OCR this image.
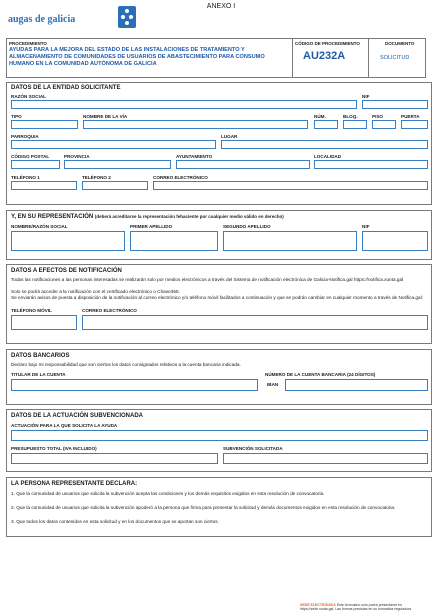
ANEXO I
augas de galicia
PROCEDIMIENTO
AYUDAS PARA LA MEJORA DEL ESTADO DE LAS INSTALACIONES DE TRATAMIENTO Y ALMACENAMIENTO DE COMUNIDADES DE USUARIOS DE ABASTECIMIENTO PARA CONSUMO HUMANO EN LA COMUNIDAD AUTÓNOMA DE GALICIA
CÓDIGO DE PROCEDIMIENTO
AU232A
DOCUMENTO
SOLICITUD
DATOS DE LA ENTIDAD SOLICITANTE
RAZÓN SOCIAL	NIF
TIPO	NOMBRE DE LA VÍA	NÚM.	BLOQ.	PISO	PUERTA
PARROQUIA	LUGAR
CÓDIGO POSTAL	PROVINCIA	AYUNTAMIENTO	LOCALIDAD
TELÉFONO 1	TELÉFONO 2	CORREO ELECTRÓNICO
Y, EN SU REPRESENTACIÓN (deberá acreditarse la representación fehaciente por cualquier medio válido en derecho)
NOMBRE/RAZÓN SOCIAL	PRIMER APELLIDO	SEGUNDO APELLIDO	NIF
DATOS A EFECTOS DE NOTIFICACIÓN
Todas las notificaciones a las personas interesadas se realizarán solo por medios electrónicos a través del Sistema de notificación electrónica de Galicia-Notifica.gal https://notifica.xunta.gal
Solo se podrá acceder a la notificación con el certificado electrónico o Chave365.
Se enviarán avisos de puesta a disposición de la notificación al correo electrónico y/o teléfono móvil facilitados a continuación y que se podrán cambiar en cualquier momento a través de Notifica.gal:
TELÉFONO MÓVIL	CORREO ELECTRÓNICO
DATOS BANCARIOS
Declaro bajo mi responsabilidad que son ciertos los datos consignados relativos a la cuenta bancaria indicada.
TITULAR DE LA CUENTA	NÚMERO DE LA CUENTA BANCARIA (24 DÍGITOS)
IBAN
DATOS DE LA ACTUACIÓN SUBVENCIONADA
ACTUACIÓN PARA LA QUE SOLICITA LA AYUDA
PRESUPUESTO TOTAL (IVA INCLUIDO)	SUBVENCIÓN SOLICITADA
LA PERSONA REPRESENTANTE DECLARA:
1. Que la comunidad de usuarios que solicita la subvención acepta las condiciones y los demás requisitos exigidos en esta resolución de convocatoria.
2. Que la comunidad de usuarios que solicita la subvención apoderó a la persona que firma para presentar la solicitud y demás documentos exigidos en esta resolución de convocatoria.
3. Que todos los datos contenidos en esta solicitud y en los documentos que se aportan son ciertos.
SEDE ELECTRÓNICA Este formulario solo podrá presentarse en https://sede.xunta.gal. Las formas previstas en su normativa reguladora
